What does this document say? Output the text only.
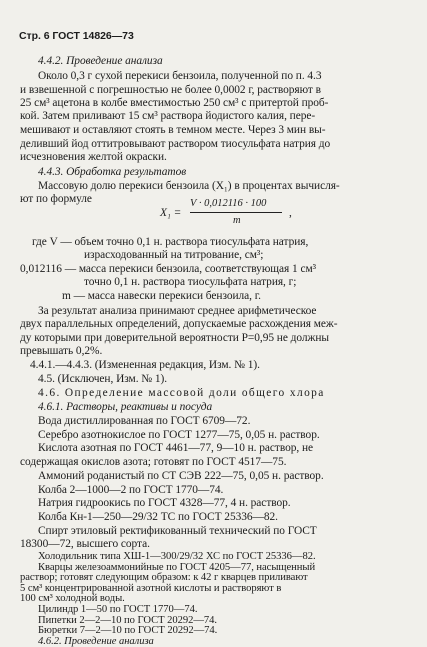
Стр. 6 ГОСТ 14826—73
4.4.2. Проведение анализа
Около 0,3 г сухой перекиси бензоила, полученной по п. 4.3
и взвешенной с погрешностью не более 0,0002 г, растворяют в
25 см³ ацетона в колбе вместимостью 250 см³ с притертой проб-
кой. Затем приливают 15 см³ раствора йодистого калия, пере-
мешивают и оставляют стоять в темном месте. Через 3 мин вы-
деливший йод оттитровывают раствором тиосульфата натрия до
исчезновения желтой окраски.
4.4.3. Обработка результатов
Массовую долю перекиси бензоила (X₁) в процентах вычисля-
ют по формуле
X₁ =
V · 0,012116 · 100
m
,
где V — объем точно 0,1 н. раствора тиосульфата натрия,
израсходованный на титрование, см³;
0,012116 — масса перекиси бензоила, соответствующая 1 см³
точно 0,1 н. раствора тиосульфата натрия, г;
m — масса навески перекиси бензоила, г.
За результат анализа принимают среднее арифметическое
двух параллельных определений, допускаемые расхождения меж-
ду которыми при доверительной вероятности P=0,95 не должны
превышать 0,2%.
4.4.1.—4.4.3. (Измененная редакция, Изм. № 1).
4.5. (Исключен, Изм. № 1).
4.6. Определение массовой доли общего хлора
4.6.1. Растворы, реактивы и посуда
Вода дистиллированная по ГОСТ 6709—72.
Серебро азотнокислое по ГОСТ 1277—75, 0,05 н. раствор.
Кислота азотная по ГОСТ 4461—77, 9—10 н. раствор, не
содержащая окислов азота; готовят по ГОСТ 4517—75.
Аммоний роданистый по СТ СЭВ 222—75, 0,05 н. раствор.
Колба 2—1000—2 по ГОСТ 1770—74.
Натрия гидроокись по ГОСТ 4328—77, 4 н. раствор.
Колба Кн-1—250—29/32 ТС по ГОСТ 25336—82.
Спирт этиловый ректификованный технический по ГОСТ
18300—72, высшего сорта.
Холодильник типа ХШ-1—300/29/32 ХС по ГОСТ 25336—82.
Кварцы железоаммонийные по ГОСТ 4205—77, насыщенный
раствор; готовят следующим образом: к 42 г кварцев приливают
5 см³ концентрированной азотной кислоты и растворяют в
100 см³ холодной воды.
Цилиндр 1—50 по ГОСТ 1770—74.
Пипетки 2—2—10 по ГОСТ 20292—74.
Бюретки 7—2—10 по ГОСТ 20292—74.
4.6.2. Проведение анализа
